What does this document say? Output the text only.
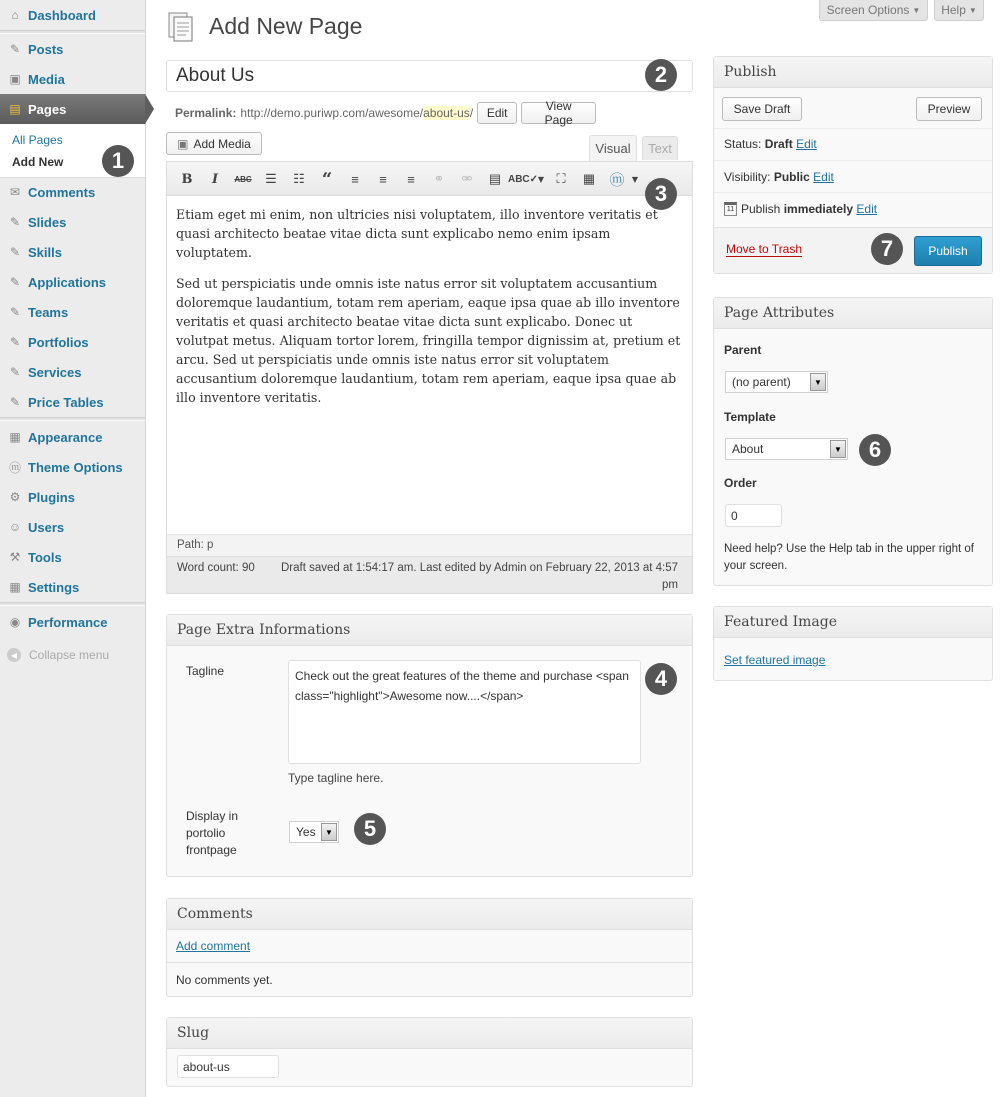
⌂ Dashboard
✎ Posts
▣ Media
▤ Pages
All Pages
Add New
✉ Comments
✎ Slides
✎ Skills
✎ Applications
✎ Teams
✎ Portfolios
✎ Services
✎ Price Tables
▦ Appearance
ⓜ Theme Options
⚙ Plugins
☺ Users
⚒ Tools
▦ Settings
◉ Performance
◀ Collapse menu
Screen Options ▼ Help ▼
Add New Page
About Us
2
Permalink: http://demo.puriwp.com/awesome/ about-us /	Edit	View Page
▣ Add Media	Visual	Text
B	I	ABC	☰	☷ “	≡	≡	≡	⚭	⚮	▤ ABC✓ ▼ ⛶	▦ ⓜ ▼

Etiam eget mi enim, non ultricies nisi voluptatem, illo inventore veritatis et quasi architecto beatae vitae dicta sunt explicabo nemo enim ipsam voluptatem.

Sed ut perspiciatis unde omnis iste natus error sit voluptatem accusantium doloremque laudantium, totam rem aperiam, eaque ipsa quae ab illo inventore veritatis et quasi architecto beatae vitae dicta sunt explicabo. Donec ut volutpat metus. Aliquam tortor lorem, fringilla tempor dignissim at, pretium et arcu. Sed ut perspiciatis unde omnis iste natus error sit voluptatem accusantium doloremque laudantium, totam rem aperiam, eaque ipsa quae ab illo inventore veritatis.

Path: p
Word count: 90	Draft saved at 1:54:17 am. Last edited by Admin on February 22, 2013 at 4:57 pm
3
Page Extra Informations
Tagline	Check out the great features of the theme and purchase <span class="highlight">Awesome now....</span>
Type tagline here.
Display in portolio frontpage
Yes	▼
4
5
Comments
Add comment
No comments yet.
Slug
about-us
Publish
Save Draft	Preview
Status: Draft Edit
Visibility: Public Edit
11 Publish
immediately
Edit
Move to Trash	Publish
7
Page Attributes
Parent
(no parent)	▼
Template
About	▼
Order
0
Need help? Use the Help tab in the upper right of your screen.
6
Featured Image
Set featured image
1
